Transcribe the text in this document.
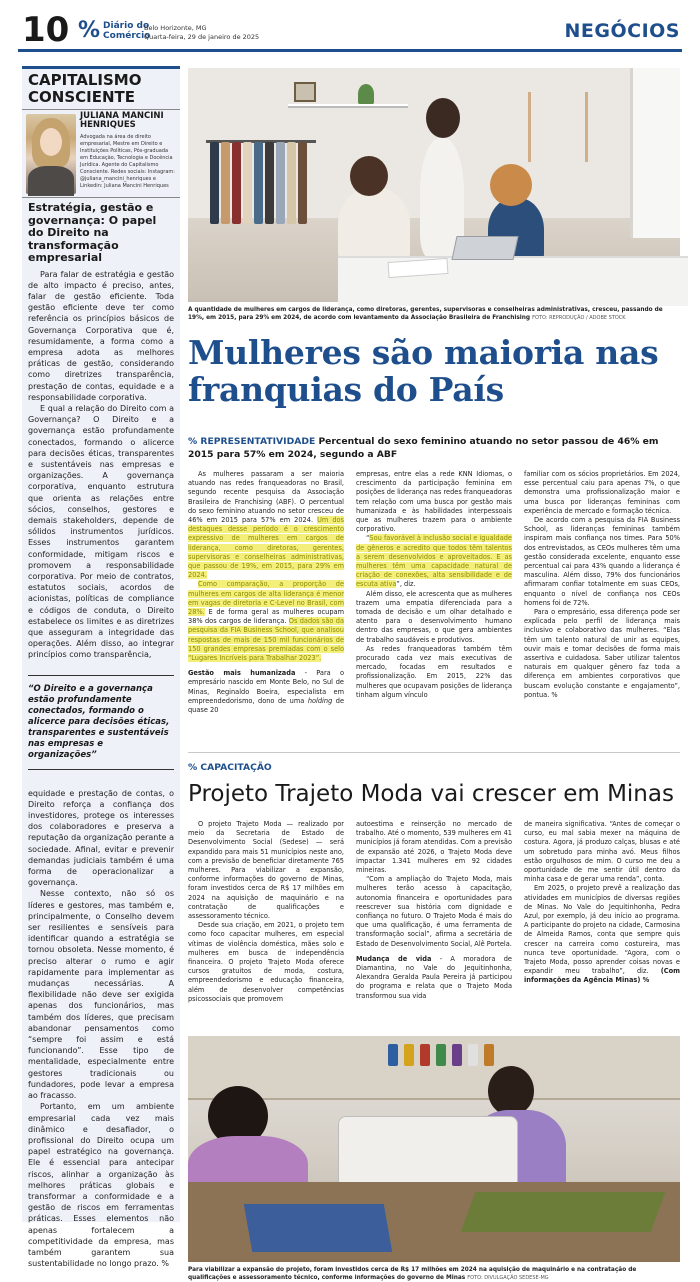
10 % Diário do
Comércio
Belo Horizonte, MG
Quarta-feira, 29 de janeiro de 2025	NEGÓCIOS
CAPITALISMO CONSCIENTE
JULIANA MANCINI HENRIQUES
Advogada na área de direito empresarial, Mestre em Direito e Instituições Políticas, Pós-graduada em Educação, Tecnologia e Docência Jurídica. Agente do Capitalismo Consciente. Redes sociais: Instagram: @juliana_mancini_henriques e Linkedin: Juliana Mancini Henriques
Estratégia, gestão e governança: O papel do Direito na transformação empresarial

Para falar de estratégia e gestão de alto impacto é preciso, antes, falar de gestão eficiente. Toda gestão eficiente deve ter como referência os princípios básicos de Governança Corporativa que é, resumidamente, a forma como a empresa adota as melhores práticas de gestão, considerando como diretrizes transparência, prestação de contas, equidade e a responsabilidade corporativa.

E qual a relação do Direito com a Governança? O Direito e a governança estão profundamente conectados, formando o alicerce para decisões éticas, transparentes e sustentáveis nas empresas e organizações. A governança corporativa, enquanto estrutura que orienta as relações entre sócios, conselhos, gestores e demais stakeholders, depende de sólidos instrumentos jurídicos. Esses instrumentos garantem conformidade, mitigam riscos e promovem a responsabilidade corporativa. Por meio de contratos, estatutos sociais, acordos de acionistas, políticas de compliance e códigos de conduta, o Direito estabelece os limites e as diretrizes que asseguram a integridade das operações. Além disso, ao integrar princípios como transparência,

“O Direito e a governança estão profundamente conectados, formando o alicerce para decisões éticas, transparentes e sustentáveis nas empresas e organizações”

equidade e prestação de contas, o Direito reforça a confiança dos investidores, protege os interesses dos colaboradores e preserva a reputação da organização perante a sociedade. Afinal, evitar e prevenir demandas judiciais também é uma forma de operacionalizar a governança.

Nesse contexto, não só os líderes e gestores, mas também e, principalmente, o Conselho devem ser resilientes e sensíveis para identificar quando a estratégia se tornou obsoleta. Nesse momento, é preciso alterar o rumo e agir rapidamente para implementar as mudanças necessárias. A flexibilidade não deve ser exigida apenas dos funcionários, mas também dos líderes, que precisam abandonar pensamentos como “sempre foi assim e está funcionando”. Esse tipo de mentalidade, especialmente entre gestores tradicionais ou fundadores, pode levar a empresa ao fracasso.

Portanto, em um ambiente empresarial cada vez mais dinâmico e desafiador, o profissional do Direito ocupa um papel estratégico na governança. Ele é essencial para antecipar riscos, alinhar a organização às melhores práticas globais e transformar a conformidade e a gestão de riscos em ferramentas práticas. Esses elementos não apenas fortalecem a competitividade da empresa, mas também garantem sua sustentabilidade no longo prazo. %

A quantidade de mulheres em cargos de liderança, como diretoras, gerentes, supervisoras e conselheiras administrativas, cresceu, passando de 19%, em 2015, para 29% em 2024, de acordo com levantamento da Associação Brasileira de Franchising FOTO: REPRODUÇÃO / ADOBE STOCK
Mulheres são maioria nas franquias do País
% REPRESENTATIVIDADE Percentual do sexo feminino atuando no setor passou de 46% em 2015 para 57% em 2024, segundo a ABF

As mulheres passaram a ser maioria atuando nas redes franqueadoras no Brasil, segundo recente pesquisa da Associação Brasileira de Franchising (ABF). O percentual do sexo feminino atuando no setor cresceu de 46% em 2015 para 57% em 2024. Um dos destaques desse período é o crescimento expressivo de mulheres em cargos de liderança, como diretoras, gerentes, supervisoras e conselheiras administrativas, que passou de 19%, em 2015, para 29% em 2024.

Como comparação, a proporção de mulheres em cargos de alta liderança é menor em vagas de diretoria e C-Level no Brasil, com 28%. E de forma geral as mulheres ocupam 38% dos cargos de liderança. Os dados são da pesquisa da FIA Business School, que analisou respostas de mais de 150 mil funcionários de 150 grandes empresas premiadas com o selo “Lugares Incríveis para Trabalhar 2023”.

Gestão mais humanizada - Para o empresário nascido em Monte Belo, no Sul de Minas, Reginaldo Boeira, especialista em empreendedorismo, dono de uma holding de quase 20

empresas, entre elas a rede KNN Idiomas, o crescimento da participação feminina em posições de liderança nas redes franqueadoras tem relação com uma busca por gestão mais humanizada e às habilidades interpessoais que as mulheres trazem para o ambiente corporativo.

“Sou favorável à inclusão social e igualdade de gêneros e acredito que todos têm talentos a serem desenvolvidos e aproveitados. E as mulheres têm uma capacidade natural de criação de conexões, alta sensibilidade e de escuta ativa”, diz.

Além disso, ele acrescenta que as mulheres trazem uma empatia diferenciada para a tomada de decisão e um olhar detalhado e atento para o desenvolvimento humano dentro das empresas, o que gera ambientes de trabalho saudáveis e produtivos.

As redes franqueadoras também têm procurado cada vez mais executivas de mercado, focadas em resultados e profissionalização. Em 2015, 22% das mulheres que ocupavam posições de liderança tinham algum vínculo

familiar com os sócios proprietários. Em 2024, esse percentual caiu para apenas 7%, o que demonstra uma profissionalização maior e uma busca por lideranças femininas com experiência de mercado e formação técnica.

De acordo com a pesquisa da FIA Business School, as lideranças femininas também inspiram mais confiança nos times. Para 50% dos entrevistados, as CEOs mulheres têm uma gestão considerada excelente, enquanto esse percentual cai para 43% quando a liderança é masculina. Além disso, 79% dos funcionários afirmaram confiar totalmente em suas CEOs, enquanto o nível de confiança nos CEOs homens foi de 72%.

Para o empresário, essa diferença pode ser explicada pelo perfil de liderança mais inclusivo e colaborativo das mulheres. “Elas têm um talento natural de unir as equipes, ouvir mais e tomar decisões de forma mais assertiva e cuidadosa. Saber utilizar talentos naturais em qualquer gênero faz toda a diferença em ambientes corporativos que buscam evolução constante e engajamento”, pontua. %

% CAPACITAÇÃO
Projeto Trajeto Moda vai crescer em Minas

O projeto Trajeto Moda — realizado por meio da Secretaria de Estado de Desenvolvimento Social (Sedese) — será expandido para mais 51 municípios neste ano, com a previsão de beneficiar diretamente 765 mulheres. Para viabilizar a expansão, conforme informações do governo de Minas, foram investidos cerca de R$ 17 milhões em 2024 na aquisição de maquinário e na contratação de qualificações e assessoramento técnico.

Desde sua criação, em 2021, o projeto tem como foco capacitar mulheres, em especial vítimas de violência doméstica, mães solo e mulheres em busca de independência financeira. O projeto Trajeto Moda oferece cursos gratuitos de moda, costura, empreendedorismo e educação financeira, além de desenvolver competências psicossociais que promovem

autoestima e reinserção no mercado de trabalho. Até o momento, 539 mulheres em 41 municípios já foram atendidas. Com a previsão de expansão até 2026, o Trajeto Moda deve impactar 1.341 mulheres em 92 cidades mineiras.

“Com a ampliação do Trajeto Moda, mais mulheres terão acesso à capacitação, autonomia financeira e oportunidades para reescrever sua história com dignidade e confiança no futuro. O Trajeto Moda é mais do que uma qualificação, é uma ferramenta de transformação social”, afirma a secretária de Estado de Desenvolvimento Social, Alê Portela.

Mudança de vida - A moradora de Diamantina, no Vale do Jequitinhonha, Alexandra Geralda Paula Pereira já participou do programa e relata que o Trajeto Moda transformou sua vida

de maneira significativa. “Antes de começar o curso, eu mal sabia mexer na máquina de costura. Agora, já produzo calças, blusas e até um sobretudo para minha avó. Meus filhos estão orgulhosos de mim. O curso me deu a oportunidade de me sentir útil dentro da minha casa e de gerar uma renda”, conta.

Em 2025, o projeto prevê a realização das atividades em municípios de diversas regiões de Minas. No Vale do Jequitinhonha, Pedra Azul, por exemplo, já deu início ao programa. A participante do projeto na cidade, Carmosina de Almeida Ramos, conta que sempre quis crescer na carreira como costureira, mas nunca teve oportunidade. “Agora, com o Trajeto Moda, posso aprender coisas novas e expandir meu trabalho”, diz. (Com informações da Agência Minas) %

Para viabilizar a expansão do projeto, foram investidos cerca de R$ 17 milhões em 2024 na aquisição de maquinário e na contratação de qualificações e assessoramento técnico, conforme informações do governo de Minas FOTO: DIVULGAÇÃO SEDESE-MG
